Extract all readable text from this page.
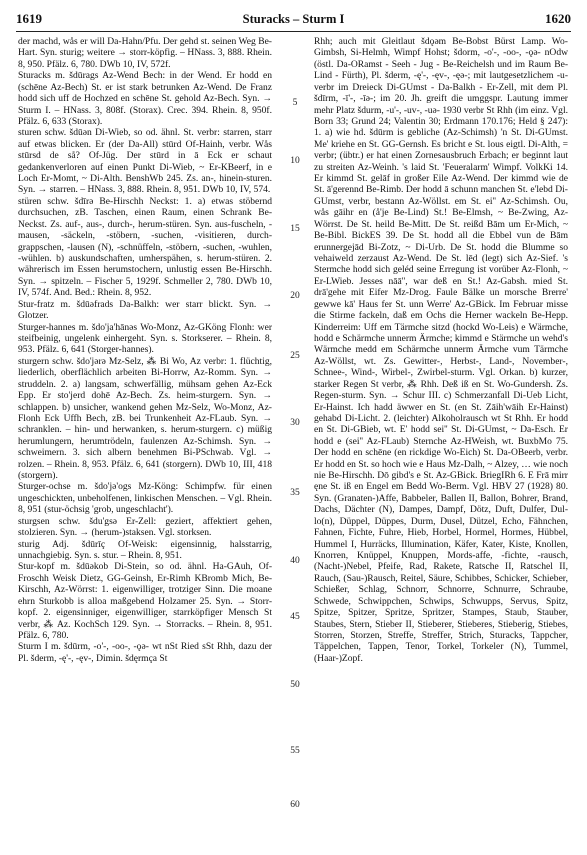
1619	Sturacks – Sturm I	1620

der machd, wås er will Da-Hahn/Pfu. Der gehd st. seinen Weg Be-Hart. Syn. sturig; weitere → storr-köpfig. – HNass. 3, 888. Rhein. 8, 950. Pfälz. 6, 780. DWb 10, IV, 572f.

Sturacks m. šdūrags Az-Wend Bech: in der Wend. Er hodd en (schēne Az-Bech) St. er ist stark betrunken Az-Wend. De Franz hodd sich uff de Hochzed en schēne St. gehold Az-Bech. Syn. → Sturm I. – HNass. 3, 808f. (Storax). Crec. 394. Rhein. 8, 950f. Pfälz. 6, 633 (Storax).

sturen schw. šdūən Di-Wieb, so od. ähnl. St. verbr: starren, starr auf etwas blicken. Er (der Da-All) stūrd Of-Hainh, verbr. Wås stūrsd de så? Of-Jüg. Der stūrd in ā Eck er schaut gedankenverloren auf einen Punkt Di-Wieb, ~ Er-KBeerf, in e Loch Er-Momt, ~ Di-Alth. BenshWb 245. Zs. an-, hinein-sturen. Syn. → starren. – HNass. 3, 888. Rhein. 8, 951. DWb 10, IV, 574.

stüren schw. šdīrə Be-Hirschh Neckst: 1. a) etwas stöbernd durchsuchen, zB. Taschen, einen Raum, einen Schrank Be-Neckst. Zs. auf-, aus-, durch-, herum-stüren. Syn. aus-fuscheln, -mausen, -säckeln, -stöbern, -suchen, -visitieren, durch-grappschen, -lausen (N), -schnüffeln, -stöbern, -suchen, -wuhlen, -wühlen. b) auskundschaften, umherspähen, s. herum-stüren. 2. währerisch im Essen herumstochern, unlustig essen Be-Hirschh. Syn. → spitzeln. – Fischer 5, 1929f. Schmeller 2, 780. DWb 10, IV, 574f. And. Bed.: Rhein. 8, 952.

Stur-fratz m. šdūəfrads Da-Balkh: wer starr blickt. Syn. → Glotzer.

Sturger-hannes m. šdo'ja'hānəs Wo-Monz, Az-GKöng Flonh: wer steifbeinig, ungelenk einhergeht. Syn. s. Storkserer. – Rhein. 8, 953. Pfälz. 6, 641 (Storger-hannes).

sturgern schw. šdo'jərə Mz-Selz, ⁂ Bi Wo, Az verbr: 1. flüchtig, liederlich, oberflächlich arbeiten Bi-Horrw, Az-Romm. Syn. → struddeln. 2. a) langsam, schwerfällig, mühsam gehen Az-Eck Epp. Er sto'jerd dohē Az-Bech. Zs. heim-sturgern. Syn. → schlappen. b) unsicher, wankend gehen Mz-Selz, Wo-Monz, Az-Flonh Eck Uffh Bech, zB. bei Trunkenheit Az-FLaub. Syn. → schranklen. – hin- und herwanken, s. herum-sturgern. c) müßig herumlungern, herumtrödeln, faulenzen Az-Schimsh. Syn. → schweimern. 3. sich albern benehmen Bi-PSchwab. Vgl. → rolzen. – Rhein. 8, 953. Pfälz. 6, 641 (storgern). DWb 10, III, 418 (storgern).

Sturger-ochse m. šdo'jə'ogs Mz-Köng: Schimpfw. für einen ungeschickten, unbeholfenen, linkischen Menschen. – Vgl. Rhein. 8, 951 (stur-öchsig 'grob, ungeschlacht').

sturgsen schw. šdu'gsə Er-Zell: geziert, affektiert gehen, stolzieren. Syn. → (herum-)staksen. Vgl. storksen.

sturig Adj. šdūrīç Of-Weisk: eigensinnig, halsstarrig, unnachgiebig. Syn. s. stur. – Rhein. 8, 951.

Stur-kopf m. šdūəkob Di-Stein, so od. ähnl. Ha-GAuh, Of-Froschh Weisk Dietz, GG-Geinsh, Er-Rimh KBromb Mich, Be-Kirschh, Az-Wörrst: 1. eigenwilliger, trotziger Sinn. Die moane ehrn Sturkobb is alloa maßgebend Holzamer 25. Syn. → Storr-kopf. 2. eigensinniger, eigenwilliger, starrköpfiger Mensch St verbr, ⁂ Az. KochSch 129. Syn. → Storracks. – Rhein. 8, 951. Pfälz. 6, 780.

Sturm I m. šdūrm, -o'-, -oo-, -ǫə- wt nSt Ried sSt Rhh, dazu der Pl. šderm, -ę'-, -ęv-, Dimin. šdęrmça St

5
10
15
20
25
30
35
40
45
50
55
60

Rhh; auch mit Gleitlaut šdǫəm Be-Bobst Bürst Lamp. Wo-Gimbsh, Si-Helmh, Wimpf Hohst; šdorm, -o'-, -oo-, -ǫə- nOdw (östl. Da-ORamst - Seeh - Jug - Be-Reichelsh und im Raum Be-Lind - Fürth), Pl. šderm, -ę'-, -ęv-, -ęə-; mit lautgesetzlichem -u- verbr im Dreieck Di-GUmst - Da-Balkh - Er-Zell, mit dem Pl. šdīrm, -ī'-, -īə-; im 20. Jh. greift die umggspr. Lautung immer mehr Platz šdurm, -u'-, -uv-, -uə- 1930 verbr St Rhh (im einz. Vgl. Born 33; Grund 24; Valentin 30; Erdmann 170.176; Held § 247): 1. a) wie hd. šdūrm is gebliche (Az-Schimsh) 'n St. Di-GUmst. Me' kriehe en St. GG-Gernsh. Es bricht e St. lous eigtl. Di-Alth, = verbr; (übtr.) er hat einen Zornesausbruch Erbach; er beginnt laut zu streiten Az-Weinh. 's laid St. 'Feueralarm' Wimpf. VolkKi 14. Er kimmd St. gelāf in großer Eile Az-Wend. Der kimmd wie de St. ā'gerennd Be-Rimb. Der hodd ā schunn manchen St. e'lebd Di-GUmst, verbr, bestann Az-Wöllst. em St. ei'' Az-Schimsh. Ou, wås gāihr en (å'je Be-Lind) St.! Be-Elmsh, ~ Be-Zwing, Az-Wörrst. De St. heild Be-Mitt. De St. reißd Bām um Er-Mich, ~ Be-Bibl. BickES 39. De St. hodd all die Ebbel vun de Bām erunnergejād Bi-Zotz, ~ Di-Urb. De St. hodd die Blumme so vehaiweld zerzaust Az-Wend. De St. lēd (legt) sich Az-Sief. 's Stermche hodd sich geléd seine Erregung ist vorüber Az-Flonh, ~ Er-LWieb. Jesses nāā'', war deß en St.! Az-Gabsh. mied St. drā'gehe mit Eifer Mz-Drog. Faule Bälke un morsche Brerre' gewwe kā' Haus fer St. unn Werre' Az-GBick. Im Februar misse die Stirme fackeln, daß em Ochs die Herner wackeln Be-Hepp. Kinderreim: Uff em Tärmche sitzd (hockd Wo-Leis) e Wärmche, hodd e Schärmche unnerm Ärmche; kimmd e Stärmche un wehd's Wärmche medd em Schärmche unnerm Ärmche vum Tärmche Az-Wöllst, wt. Zs. Gewitter-, Herbst-, Land-, November-, Schnee-, Wind-, Wirbel-, Zwirbel-sturm. Vgl. Orkan. b) kurzer, starker Regen St verbr, ⁂ Rhh. Deß iß en St. Wo-Gundersh. Zs. Regen-sturm. Syn. → Schur III. c) Schmerzanfall Di-Ueb Licht, Er-Hainst. Ich hadd äwwer en St. (en St. Zāih'wāih Er-Hainst) gehabd Di-Licht. 2. (leichter) Alkoholrausch wt St Rhh. Er hodd en St. Di-GBieb, wt. E' hodd sei'' St. Di-GUmst, ~ Da-Esch. Er hodd e (sei'' Az-FLaub) Sternche Az-HWeish, wt. BuxbMo 75. Der hodd en schēne (en rickdige Wo-Eich) St. Da-OBeerb, verbr. Er hodd en St. so hoch wie e Haus Mz-Dalh, ~ Alzey, … wie noch nie Be-Hirschh. Dō gibd's e St. Az-GBick. BriegIRh 6. E Frā mirr ęne St. iß en Engel em Bedd Wo-Berm. Vgl. HBV 27 (1928) 80. Syn. (Granaten-)Affe, Babbeler, Ballen II, Ballon, Bohrer, Brand, Dachs, Dächter (N), Dampes, Dampf, Dötz, Duft, Dulfer, Dul-lo(n), Düppel, Düppes, Durm, Dusel, Dützel, Echo, Fähnchen, Fahnen, Fichte, Fuhre, Hieb, Horbel, Hormel, Hormes, Hübbel, Hummel I, Hurräcks, Illumination, Käfer, Kater, Kiste, Knollen, Knorren, Knüppel, Knuppen, Mords-affe, -fichte, -rausch, (Nacht-)Nebel, Pfeife, Rad, Rakete, Ratsche II, Ratschel II, Rauch, (Sau-)Rausch, Reitel, Säure, Schibbes, Schicker, Schieber, Schießer, Schlag, Schnorr, Schnorre, Schnurre, Schraube, Schwede, Schwippchen, Schwips, Schwupps, Servus, Spitz, Spitze, Spitzer, Spritze, Spritzer, Stampes, Staub, Stauber, Staubes, Stern, Stieber II, Stieberer, Stieberes, Stieberig, Stiebes, Storren, Storzen, Streffe, Streffer, Strich, Sturacks, Tappcher, Täppelchen, Tappen, Tenor, Torkel, Torkeler (N), Tummel, (Haar-)Zopf.
